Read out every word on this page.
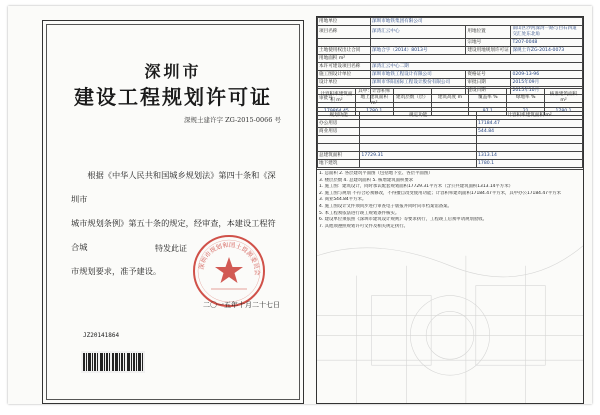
深圳市
建设工程规划许可证
深规土建许字 ZG-2015-0066 号
根据《中华人民共和国城乡规划法》第四十条和《深圳市
城市规划条例》第五十条的规定，经审查，本建设工程符合城
市规划要求，准予建设。
特发此证
深圳市规划和国土资源委员会
二〇一五年十月二十七日
JZ20141864
用地单位	深圳市地铁集团有限公司		
项目名称	深湾汇云中心	用地位置	南山区沙河深湾一路与白石四道交汇处东北角
		宗地号	T207-0048
土地使用权出让合同	深地合字（2014）8013号	建设用地规划许可证	深规土许ZG-2014-0073
用地面积 m²			
本许可建设项目名称	深湾汇云中心二期		
施工图设计单位	深圳市地铁工程设计有限公司	资格证号	0209-13-96
设计单位	深圳市华阳国际工程设计股份有限公司	审批日期	2015年09月
		建设日期	2015年10月
审批号			
计容积率建筑面积 m²	其中：计容积率地上建筑面积 m²	建筑层数（层）	建筑高度 m	覆盖率 %	绿地率 %	核准建筑面积 m²
179864.45	1780.1			97.1	21	1780.1
规划功能	规定功能	计容积率建筑面积 m²
办公用房		17184.47
商业用房		544.84

总建筑面积	17729.31	1313.14
地下建筑		1780.1
1. 总面积 2. 各层建筑平面图（包括地下室、各层平面图）
3. 楼层层数 4. 总建筑面积 5. 核增建筑面积要求
1. 施工图：建筑设计，同时承认配套规划面积17729.31平方米（含公共建筑面积1313.14平方米）
2. 施工图与规划 不符合必须修改，不得擅自改变使用功能；计容积率建筑面积17184.47平方米，其中办公17184.47平方米
3. 商业544.84平方米。
4. 施工图设计文件须同步进行审查电子版报并同时向市档案馆备案。
5. 本工程须依法进行竣工规划条件核实。
6. 建设单位须依照《深圳市建筑设计规则》等要求执行，工程竣工后须申请规划验收。
7. 其他须遵照规划许可文件及相关规定执行。
